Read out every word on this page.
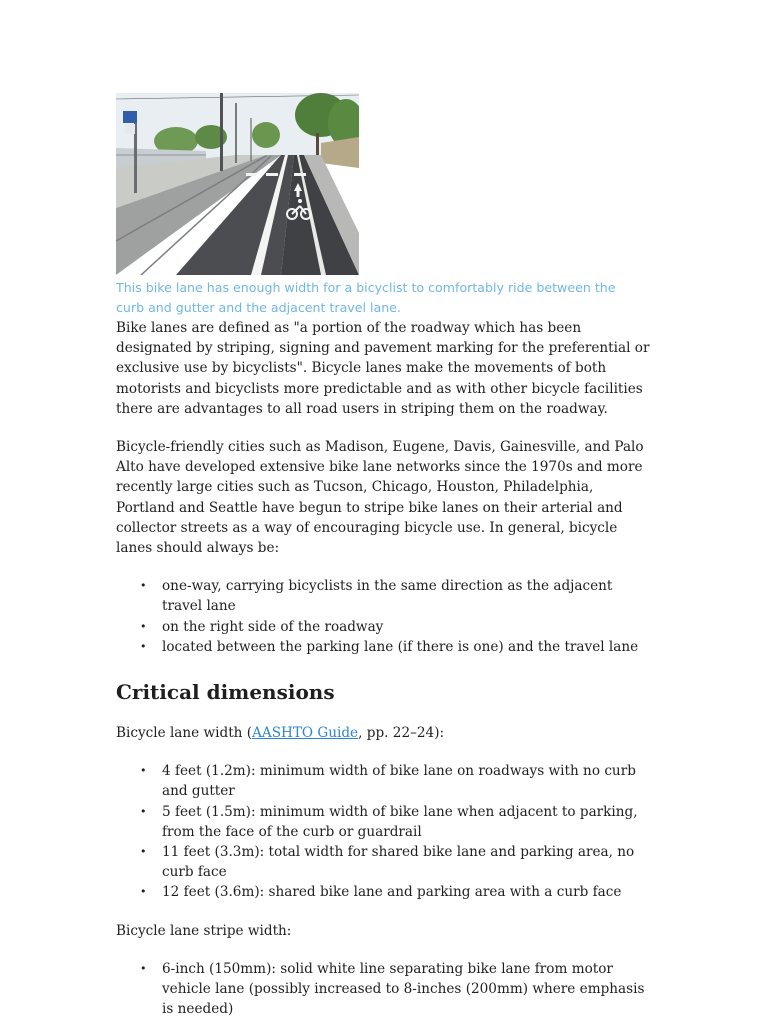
This bike lane has enough width for a bicyclist to comfortably ride between the curb and gutter and the adjacent travel lane.

Bike lanes are defined as "a portion of the roadway which has been designated by striping, signing and pavement marking for the preferential or exclusive use by bicyclists". Bicycle lanes make the movements of both motorists and bicyclists more predictable and as with other bicycle facilities there are advantages to all road users in striping them on the roadway.

Bicycle-friendly cities such as Madison, Eugene, Davis, Gainesville, and Palo Alto have developed extensive bike lane networks since the 1970s and more recently large cities such as Tucson, Chicago, Houston, Philadelphia, Portland and Seattle have begun to stripe bike lanes on their arterial and collector streets as a way of encouraging bicycle use. In general, bicycle lanes should always be:

• one-way, carrying bicyclists in the same direction as the adjacent travel lane
• on the right side of the roadway
• located between the parking lane (if there is one) and the travel lane
Critical dimensions

Bicycle lane width (AASHTO Guide, pp. 22–24):

• 4 feet (1.2m): minimum width of bike lane on roadways with no curb and gutter
• 5 feet (1.5m): minimum width of bike lane when adjacent to parking, from the face of the curb or guardrail
• 11 feet (3.3m): total width for shared bike lane and parking area, no curb face
• 12 feet (3.6m): shared bike lane and parking area with a curb face

Bicycle lane stripe width:

• 6-inch (150mm): solid white line separating bike lane from motor vehicle lane (possibly increased to 8-inches (200mm) where emphasis is needed)
